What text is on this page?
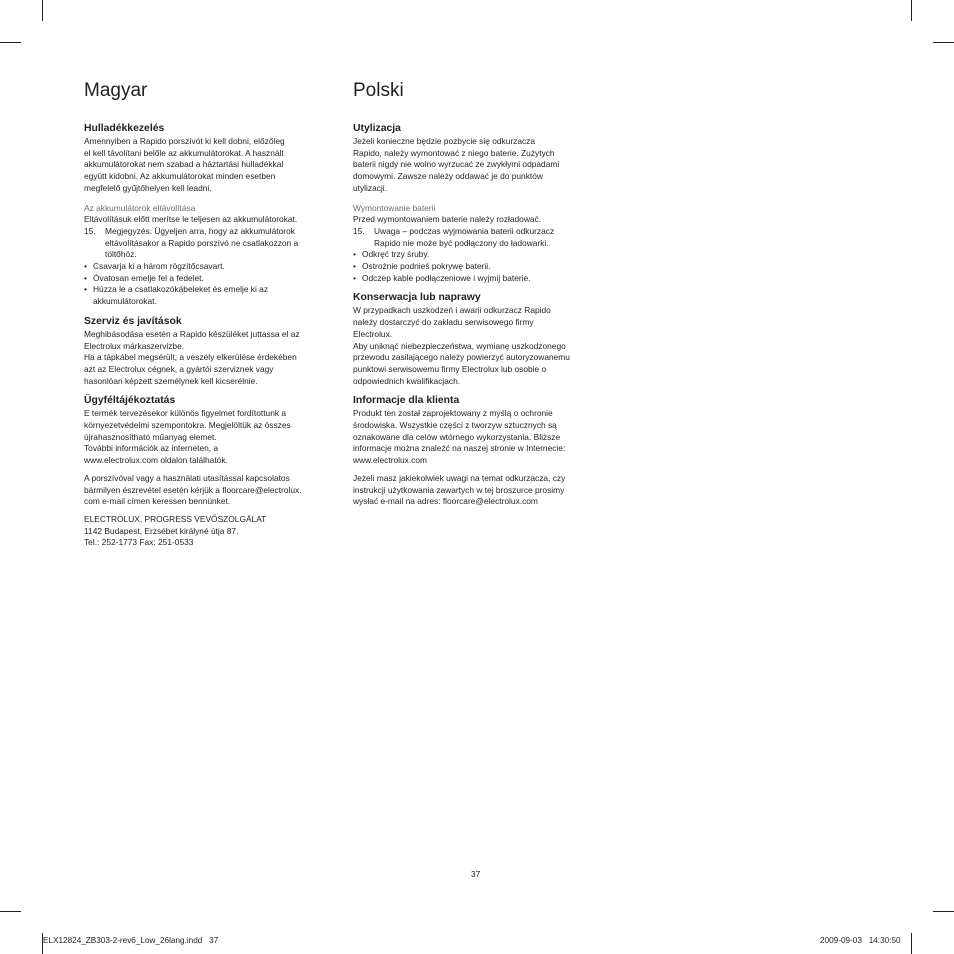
Magyar

Hulladékkezelés

Amennyiben a Rapido porszívót ki kell dobni, előzőleg

el kell távolítani belőle az akkumulátorokat. A használt

akkumulátorokat nem szabad a háztartási hulladékkal

együtt kidobni. Az akkumulátorokat minden esetben

megfelelő gyűjtőhelyen kell leadni.

Az akkumulátorok eltávolítása

Eltávolításuk előtt merítse le teljesen az akkumulátorokat.

15.	Megjegyzés: Ügyeljen arra, hogy az akkumulátorok
eltávolításakor a Rapido porszívó ne csatlakozzon a
töltőhöz.
• Csavarja ki a három rögzítőcsavart.
• Óvatosan emelje fel a fedelet.
• Húzza le a csatlakozókábeleket és emelje ki az
akkumulátorokat.

Szerviz és javítások

Meghibásodása esetén a Rapido készüléket juttassa el az

Electrolux márkaszervizbe.

Ha a tápkábel megsérült, a veszély elkerülése érdekében

azt az Electrolux cégnek, a gyártói szerviznek vagy

hasonlóan képzett személynek kell kicserélnie.

Ügyféltájékoztatás

E termék tervezésekor különös figyelmet fordítottunk a

környezetvédelmi szempontokra. Megjelöltük az összes

újrahasznosítható műanyag elemet.

További információk az interneten, a

www.electrolux.com oldalon találhatók.

A porszívóval vagy a használati utasítással kapcsolatos

bármilyen észrevétel esetén kérjük a floorcare@electrolux.

com e-mail címen keressen bennünket.

ELECTROLUX, PROGRESS VEVŐSZOLGÁLAT

1142 Budapest, Erzsébet királyné útja 87.

Tel.: 252-1773 Fax: 251-0533

Polski

Utylizacja

Jeżeli konieczne będzie pozbycie się odkurzacza

Rapido, należy wymontować z niego baterie. Zużytych

baterii nigdy nie wolno wyrzucać ze zwykłymi odpadami

domowymi. Zawsze należy oddawać je do punktów

utylizacji.

Wymontowanie baterii

Przed wymontowaniem baterie należy rozładować.

15.	Uwaga – podczas wyjmowania baterii odkurzacz
Rapido nie może być podłączony do ładowarki.
• Odkręć trzy śruby.
• Ostrożnie podnieś pokrywę baterii.
• Odczep kable podłączeniowe i wyjmij baterie.

Konserwacja lub naprawy

W przypadkach uszkodzeń i awarii odkurzacz Rapido

należy dostarczyć do zakładu serwisowego firmy

Electrolux.

Aby uniknąć niebezpieczeństwa, wymianę uszkodzonego

przewodu zasilającego należy powierzyć autoryzowanemu

punktowi serwisowemu firmy Electrolux lub osobie o

odpowiednich kwalifikacjach.

Informacje dla klienta

Produkt ten został zaprojektowany z myślą o ochronie

środowiska. Wszystkie części z tworzyw sztucznych są

oznakowane dla celów wtórnego wykorzystania. Bliższe

informacje można znaleźć na naszej stronie w Internecie:

www.electrolux.com

Jeżeli masz jakiekolwiek uwagi na temat odkurzacza, czy

instrukcji użytkowania zawartych w tej broszurce prosimy

wysłać e-mail na adres: floorcare@electrolux.com

37
ELX12824_ZB303-2-rev6_Low_26lang.indd   37	2009-09-03   14:30:50
